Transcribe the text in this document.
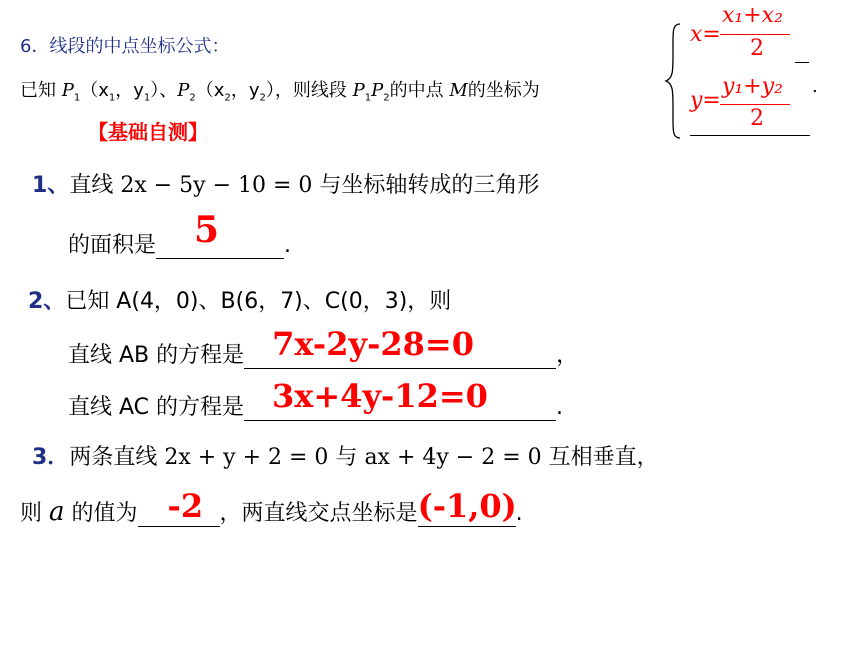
6．线段的中点坐标公式：
已知 $P_1(x_1$，$y_1$）、$P_2(x_2$，$y_2$），则线段 $P_1P_2$的中点 M的坐标为	.
x=
x₁+x₂
2
y=
y₁+y₂
2
【基础自测】
1、直线 2x − 5y − 10 = 0 与坐标轴转成的三角形
的面积是 5	.
2、已知 A(4，0)、B(6，7)、C(0，3)，则
直线 AB 的方程是 7x-2y-28=0	，
直线 AC 的方程是 3x+4y-12=0	.
3．两条直线 2x + y + 2 = 0 与 ax + 4y − 2 = 0 互相垂直，
则 a 的值为 -2 ，两直线交点坐标是 (-1,0)
.
